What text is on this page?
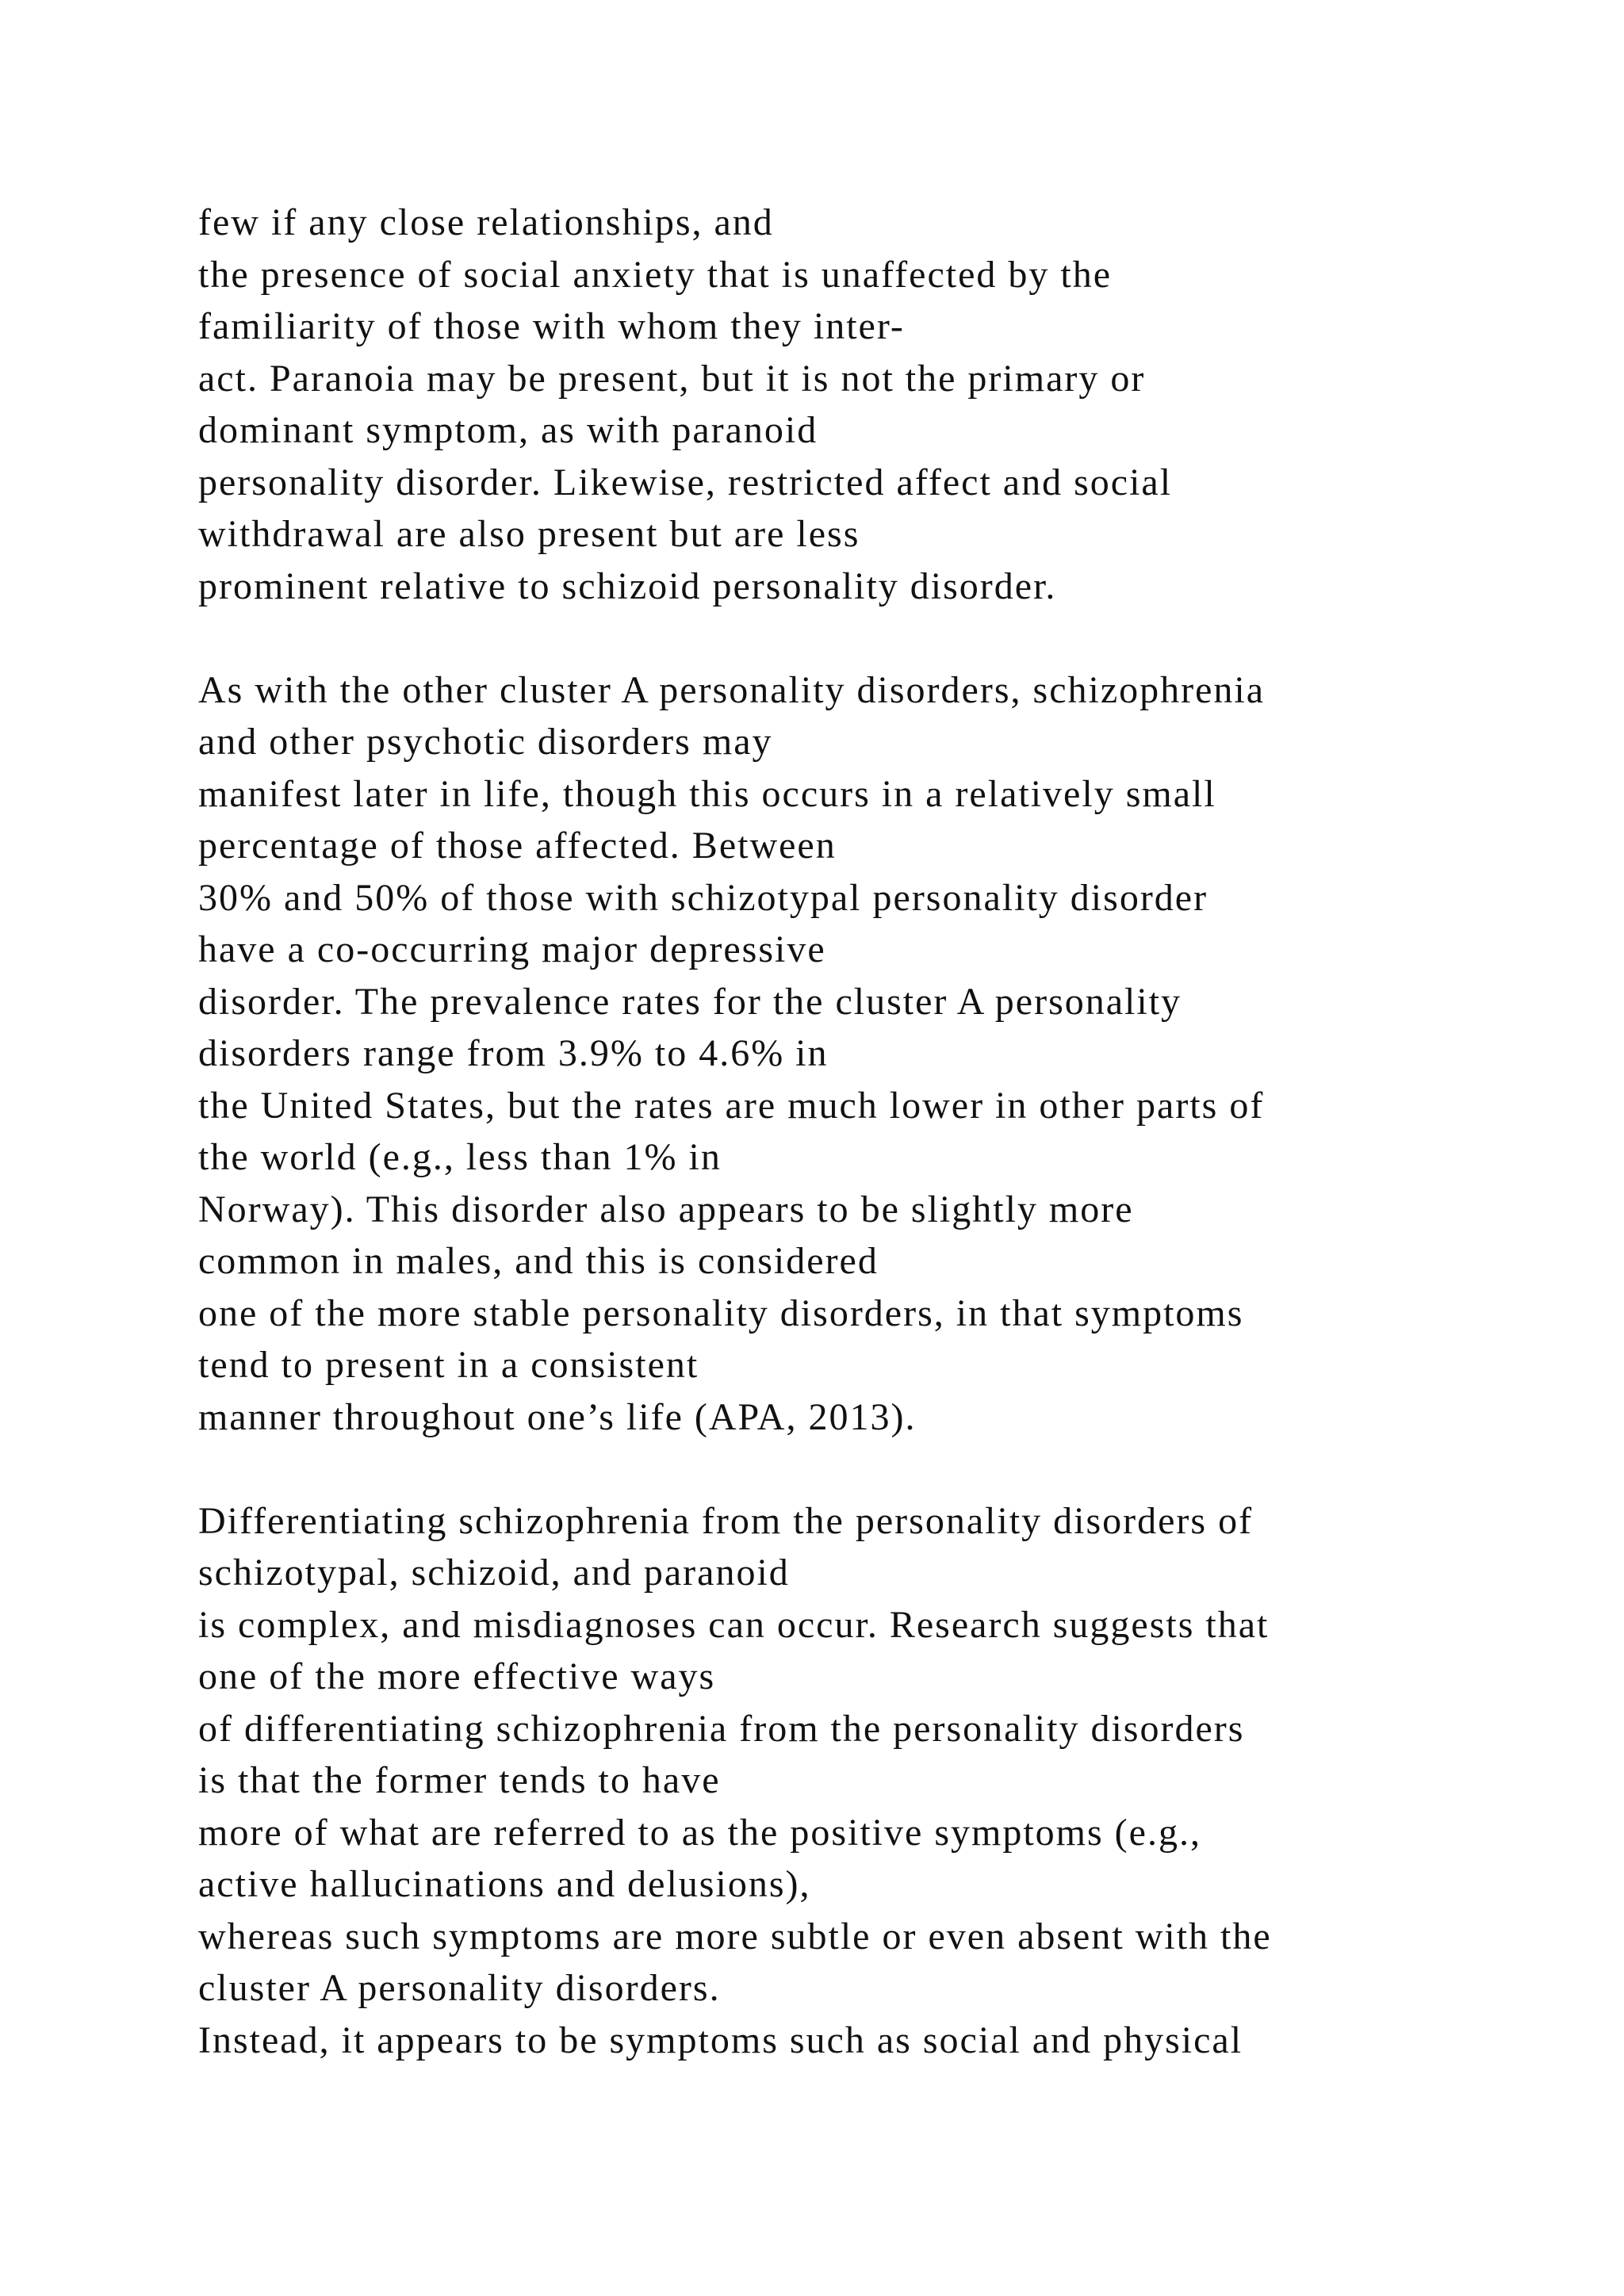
few if any close relationships, and
the presence of social anxiety that is unaffected by the
familiarity of those with whom they inter-
act. Paranoia may be present, but it is not the primary or
dominant symptom, as with paranoid
personality disorder. Likewise, restricted affect and social
withdrawal are also present but are less
prominent relative to schizoid personality disorder.

As with the other cluster A personality disorders, schizophrenia
and other psychotic disorders may
manifest later in life, though this occurs in a relatively small
percentage of those affected. Between
30% and 50% of those with schizotypal personality disorder
have a co-occurring major depressive
disorder. The prevalence rates for the cluster A personality
disorders range from 3.9% to 4.6% in
the United States, but the rates are much lower in other parts of
the world (e.g., less than 1% in
Norway). This disorder also appears to be slightly more
common in males, and this is considered
one of the more stable personality disorders, in that symptoms
tend to present in a consistent
manner throughout one’s life (APA, 2013).

Differentiating schizophrenia from the personality disorders of
schizotypal, schizoid, and paranoid
is complex, and misdiagnoses can occur. Research suggests that
one of the more effective ways
of differentiating schizophrenia from the personality disorders
is that the former tends to have
more of what are referred to as the positive symptoms (e.g.,
active hallucinations and delusions),
whereas such symptoms are more subtle or even absent with the
cluster A personality disorders.
Instead, it appears to be symptoms such as social and physical
